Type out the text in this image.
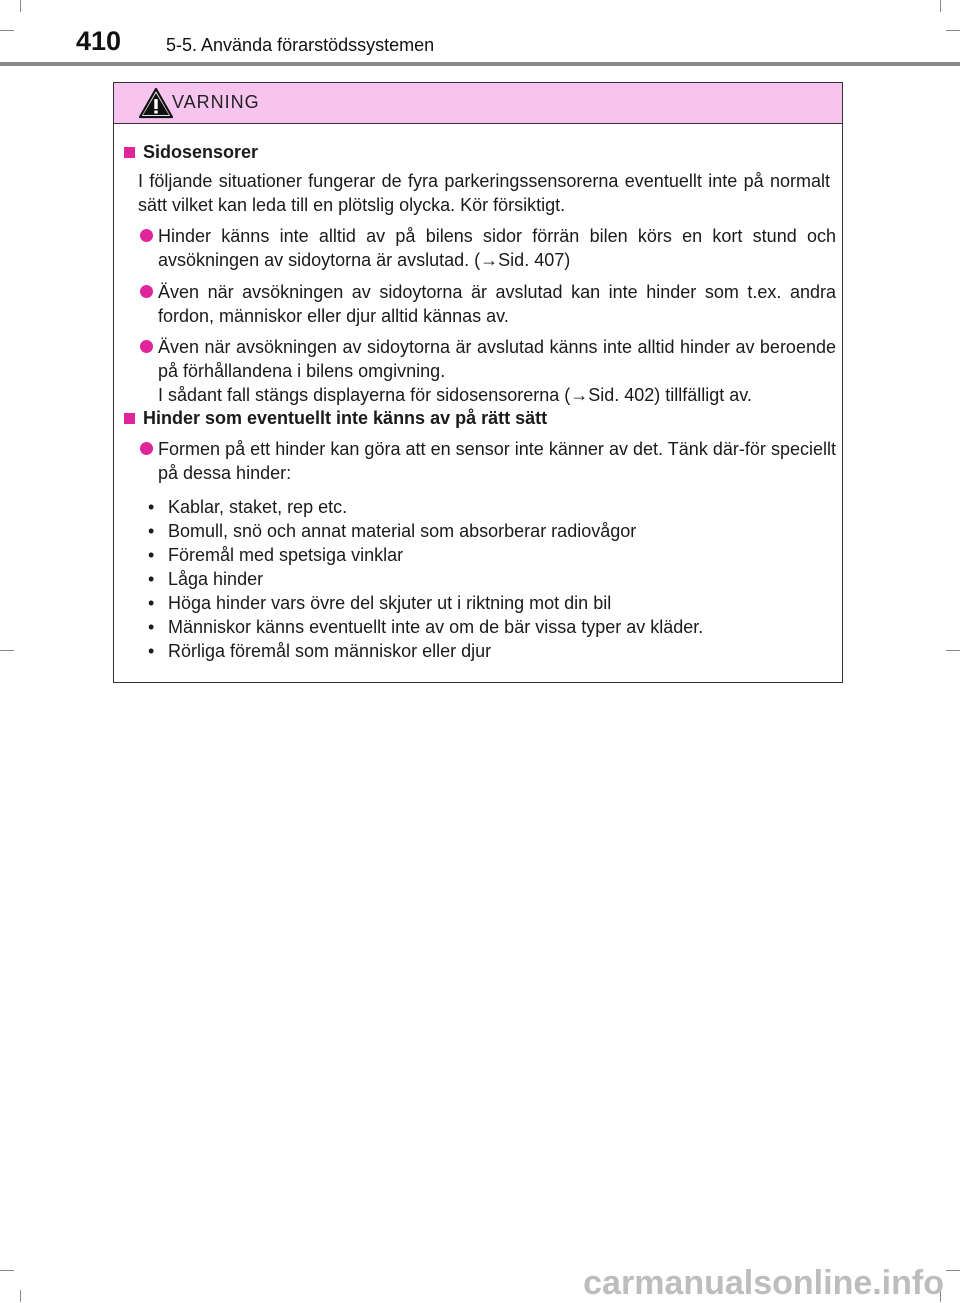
410 5-5. Använda förarstödssystemen
VARNING
Sidosensorer
I följande situationer fungerar de fyra parkeringssensorerna eventuellt inte på normalt sätt vilket kan leda till en plötslig olycka. Kör försiktigt.
Hinder känns inte alltid av på bilens sidor förrän bilen körs en kort stund och avsökningen av sidoytorna är avslutad. (→Sid. 407)
Även när avsökningen av sidoytorna är avslutad kan inte hinder som t.ex. andra fordon, människor eller djur alltid kännas av.
Även när avsökningen av sidoytorna är avslutad känns inte alltid hinder av beroende på förhållandena i bilens omgivning.
I sådant fall stängs displayerna för sidosensorerna (→Sid. 402) tillfälligt av.
Hinder som eventuellt inte känns av på rätt sätt
Formen på ett hinder kan göra att en sensor inte känner av det. Tänk där-för speciellt på dessa hinder:
• Kablar, staket, rep etc.
• Bomull, snö och annat material som absorberar radiovågor
• Föremål med spetsiga vinklar
• Låga hinder
• Höga hinder vars övre del skjuter ut i riktning mot din bil
• Människor känns eventuellt inte av om de bär vissa typer av kläder.
• Rörliga föremål som människor eller djur
carmanualsonline.info
